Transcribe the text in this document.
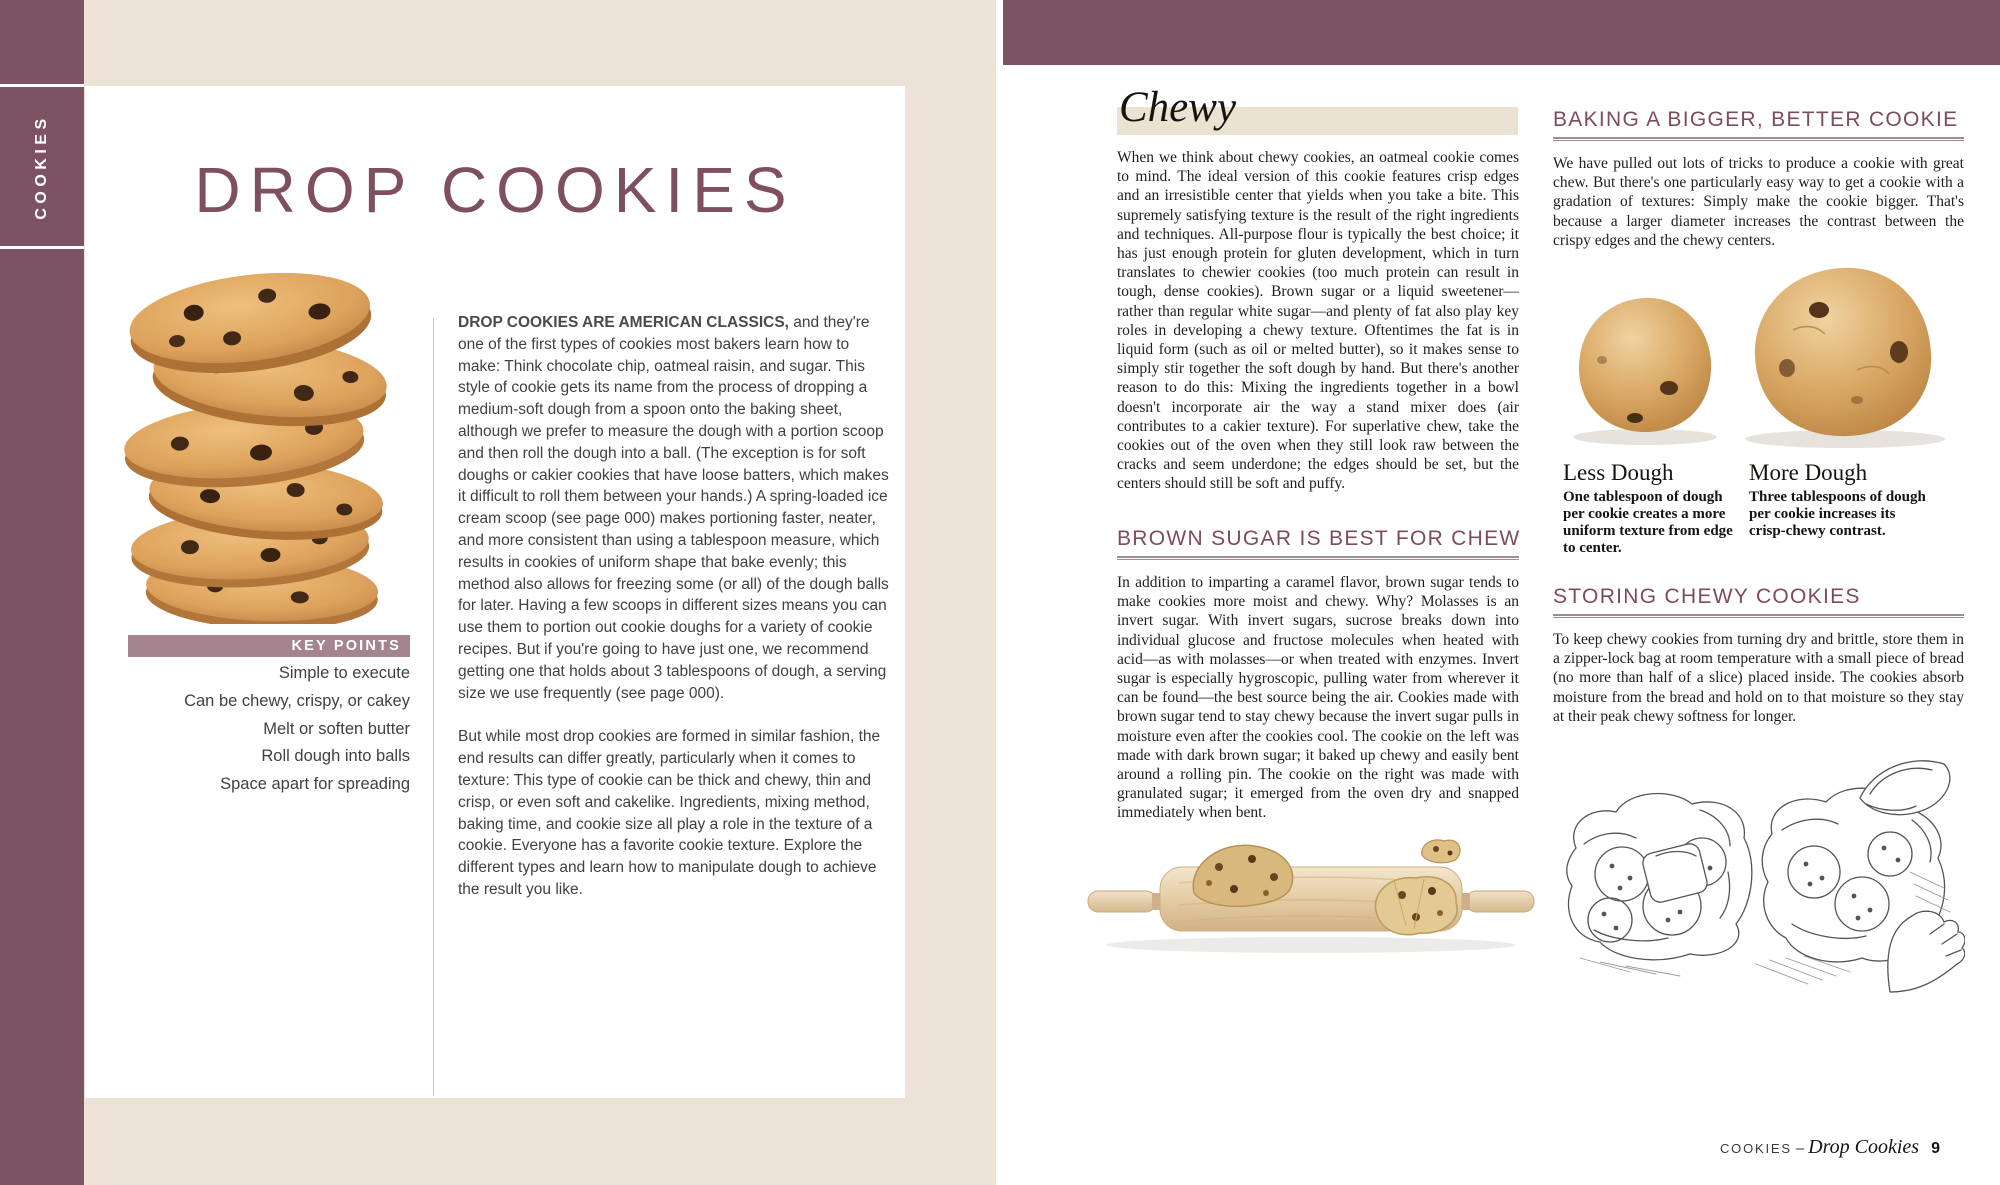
COOKIES	DROP COOKIES
KEY POINTS
Simple to execute
Can be chewy, crispy, or cakey
Melt or soften butter
Roll dough into balls
Space apart for spreading

DROP COOKIES ARE AMERICAN CLASSICS, and they're one of the first types of cookies most bakers learn how to make: Think chocolate chip, oatmeal raisin, and sugar. This style of cookie gets its name from the process of dropping a medium-soft dough from a spoon onto the baking sheet, although we prefer to measure the dough with a portion scoop and then roll the dough into a ball. (The exception is for soft doughs or cakier cookies that have loose batters, which makes it difficult to roll them between your hands.) A spring-loaded ice cream scoop (see page 000) makes portioning faster, neater, and more consistent than using a tablespoon measure, which results in cookies of uniform shape that bake evenly; this method also allows for freezing some (or all) of the dough balls for later. Having a few scoops in different sizes means you can use them to portion out cookie doughs for a variety of cookie recipes. But if you're going to have just one, we recommend getting one that holds about 3 tablespoons of dough, a serving size we use frequently (see page 000).

But while most drop cookies are formed in similar fashion, the end results can differ greatly, particularly when it comes to texture: This type of cookie can be thick and chewy, thin and crisp, or even soft and cakelike. Ingredients, mixing method, baking time, and cookie size all play a role in the texture of a cookie. Everyone has a favorite cookie texture. Explore the different types and learn how to manipulate dough to achieve the result you like.

Chewy
When we think about chewy cookies, an oatmeal cookie comes to mind. The ideal version of this cookie features crisp edges and an irresistible center that yields when you take a bite. This supremely satisfying texture is the result of the right ingredients and techniques. All-purpose flour is typically the best choice; it has just enough protein for gluten development, which in turn translates to chewier cookies (too much protein can result in tough, dense cookies). Brown sugar or a liquid sweetener—rather than regular white sugar—and plenty of fat also play key roles in developing a chewy texture. Oftentimes the fat is in liquid form (such as oil or melted butter), so it makes sense to simply stir together the soft dough by hand. But there's another reason to do this: Mixing the ingredients together in a bowl doesn't incorporate air the way a stand mixer does (air contributes to a cakier texture). For superlative chew, take the cookies out of the oven when they still look raw between the cracks and seem underdone; the edges should be set, but the centers should still be soft and puffy.
BROWN SUGAR IS BEST FOR CHEW
In addition to imparting a caramel flavor, brown sugar tends to make cookies more moist and chewy. Why? Molasses is an invert sugar. With invert sugars, sucrose breaks down into individual glucose and fructose molecules when heated with acid—as with molasses—or when treated with enzymes. Invert sugar is especially hygroscopic, pulling water from wherever it can be found—the best source being the air. Cookies made with brown sugar tend to stay chewy because the invert sugar pulls in moisture even after the cookies cool. The cookie on the left was made with dark brown sugar; it baked up chewy and easily bent around a rolling pin. The cookie on the right was made with granulated sugar; it emerged from the oven dry and snapped immediately when bent.
BAKING A BIGGER, BETTER COOKIE
We have pulled out lots of tricks to produce a cookie with great chew. But there's one particularly easy way to get a cookie with a gradation of textures: Simply make the cookie bigger. That's because a larger diameter increases the contrast between the crispy edges and the chewy centers.

Less Dough

One tablespoon of dough per cookie creates a more uniform texture from edge to center.

More Dough

Three tablespoons of dough per cookie increases its crisp-chewy contrast.
STORING CHEWY COOKIES
To keep chewy cookies from turning dry and brittle, store them in a zipper-lock bag at room temperature with a small piece of bread (no more than half of a slice) placed inside. The cookies absorb moisture from the bread and hold on to that moisture so they stay at their peak chewy softness for longer.
COOKIES – Drop Cookies 9
